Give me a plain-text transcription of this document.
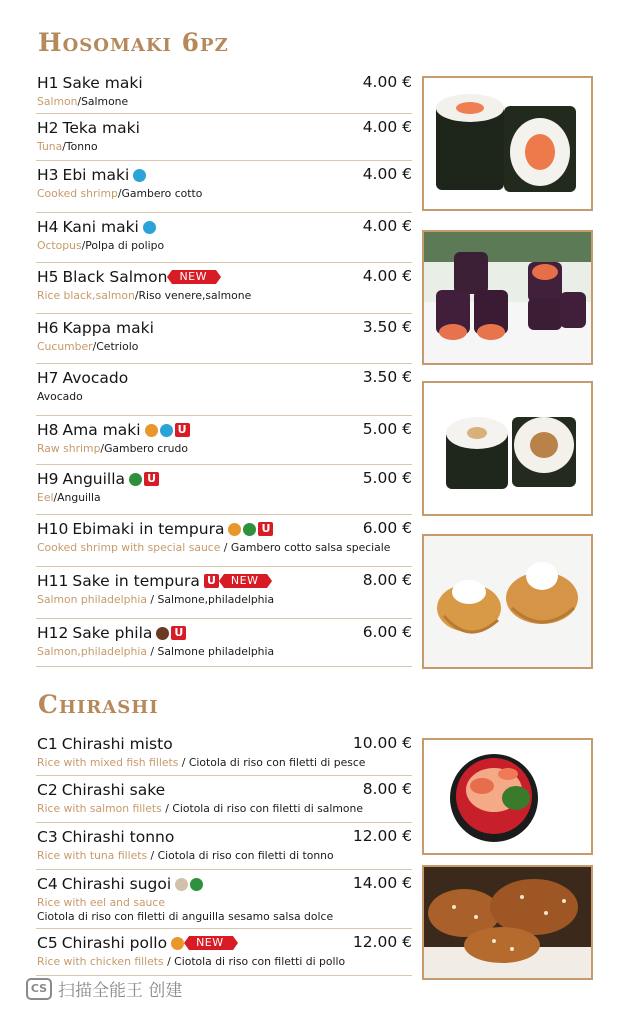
Hosomaki 6pz
H1 Sake maki	4.00 €
Salmon/Salmone
H2 Teka maki	4.00 €
Tuna/Tonno
H3 Ebi maki	4.00 €
Cooked shrimp/Gambero cotto
H4 Kani maki	4.00 €
Octopus/Polpa di polipo
H5 Black Salmon	NEW	4.00 €
Rice black,salmon/Riso venere,salmone
H6 Kappa maki	3.50 €
Cucumber/Cetriolo
H7 Avocado	3.50 €
Avocado
H8 Ama maki	U	5.00 €
Raw shrimp/Gambero crudo
H9 Anguilla U	5.00 €
Eel/Anguilla
H10 Ebimaki in tempura	U	6.00 €
Cooked shrimp with special sauce / Gambero cotto salsa speciale
H11 Sake in tempura U	NEW	8.00 €
Salmon philadelphia / Salmone,philadelphia
H12 Sake phila U	6.00 €
Salmon,philadelphia / Salmone philadelphia
Chirashi
C1 Chirashi misto	10.00 €
Rice with mixed fish fillets / Ciotola di riso con filetti di pesce
C2 Chirashi sake	8.00 €
Rice with salmon fillets / Ciotola di riso con filetti di salmone
C3 Chirashi tonno	12.00 €
Rice with tuna fillets / Ciotola di riso con filetti di tonno
C4 Chirashi sugoi	14.00 €
Rice with eel and sauce
Ciotola di riso con filetti di anguilla sesamo salsa dolce
C5 Chirashi pollo	NEW	12.00 €
Rice with chicken fillets / Ciotola di riso con filetti di pollo
CS 扫描全能王 创建
